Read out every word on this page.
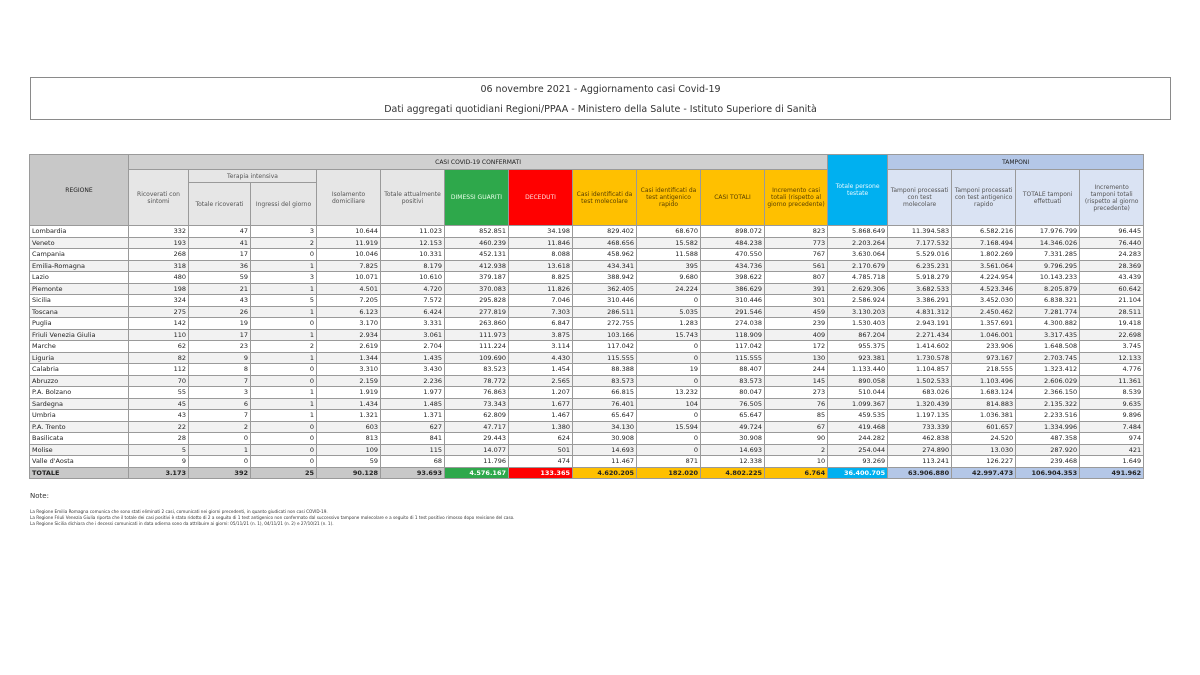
06 novembre 2021 - Aggiornamento casi Covid-19
Dati aggregati quotidiani Regioni/PPAA - Ministero della Salute - Istituto Superiore di Sanità
REGIONE	CASI COVID-19 CONFERMATI											Totale persone testate	TAMPONI			
	Ricoverati con sintomi	Terapia intensiva		Isolamento domiciliare	Totale attualmente positivi	DIMESSI GUARITI	DECEDUTI	Casi identificati da test molecolare	Casi identificati da test antigenico rapido	CASI TOTALI	Incremento casi totali (rispetto al giorno precedente)		Tamponi processati con test molecolare	Tamponi processati con test antigenico rapido	TOTALE tamponi effettuati	Incremento tamponi totali (rispetto al giorno precedente)
		Totale ricoverati	Ingressi del giorno													
Lombardia	332	47	3	10.644	11.023	852.851	34.198	829.402	68.670	898.072	823	5.868.649	11.394.583	6.582.216	17.976.799	96.445
Veneto	193	41	2	11.919	12.153	460.239	11.846	468.656	15.582	484.238	773	2.203.264	7.177.532	7.168.494	14.346.026	76.440
Campania	268	17	0	10.046	10.331	452.131	8.088	458.962	11.588	470.550	767	3.630.064	5.529.016	1.802.269	7.331.285	24.283
Emilia-Romagna	318	36	1	7.825	8.179	412.938	13.618	434.341	395	434.736	561	2.170.679	6.235.231	3.561.064	9.796.295	28.369
Lazio	480	59	3	10.071	10.610	379.187	8.825	388.942	9.680	398.622	807	4.785.718	5.918.279	4.224.954	10.143.233	43.439
Piemonte	198	21	1	4.501	4.720	370.083	11.826	362.405	24.224	386.629	391	2.629.306	3.682.533	4.523.346	8.205.879	60.642
Sicilia	324	43	5	7.205	7.572	295.828	7.046	310.446	0	310.446	301	2.586.924	3.386.291	3.452.030	6.838.321	21.104
Toscana	275	26	1	6.123	6.424	277.819	7.303	286.511	5.035	291.546	459	3.130.203	4.831.312	2.450.462	7.281.774	28.511
Puglia	142	19	0	3.170	3.331	263.860	6.847	272.755	1.283	274.038	239	1.530.403	2.943.191	1.357.691	4.300.882	19.418
Friuli Venezia Giulia	110	17	1	2.934	3.061	111.973	3.875	103.166	15.743	118.909	409	867.204	2.271.434	1.046.001	3.317.435	22.698
Marche	62	23	2	2.619	2.704	111.224	3.114	117.042	0	117.042	172	955.375	1.414.602	233.906	1.648.508	3.745
Liguria	82	9	1	1.344	1.435	109.690	4.430	115.555	0	115.555	130	923.381	1.730.578	973.167	2.703.745	12.133
Calabria	112	8	0	3.310	3.430	83.523	1.454	88.388	19	88.407	244	1.133.440	1.104.857	218.555	1.323.412	4.776
Abruzzo	70	7	0	2.159	2.236	78.772	2.565	83.573	0	83.573	145	890.058	1.502.533	1.103.496	2.606.029	11.361
P.A. Bolzano	55	3	1	1.919	1.977	76.863	1.207	66.815	13.232	80.047	273	510.044	683.026	1.683.124	2.366.150	8.539
Sardegna	45	6	1	1.434	1.485	73.343	1.677	76.401	104	76.505	76	1.099.367	1.320.439	814.883	2.135.322	9.635
Umbria	43	7	1	1.321	1.371	62.809	1.467	65.647	0	65.647	85	459.535	1.197.135	1.036.381	2.233.516	9.896
P.A. Trento	22	2	0	603	627	47.717	1.380	34.130	15.594	49.724	67	419.468	733.339	601.657	1.334.996	7.484
Basilicata	28	0	0	813	841	29.443	624	30.908	0	30.908	90	244.282	462.838	24.520	487.358	974
Molise	5	1	0	109	115	14.077	501	14.693	0	14.693	2	254.044	274.890	13.030	287.920	421
Valle d'Aosta	9	0	0	59	68	11.796	474	11.467	871	12.338	10	93.269	113.241	126.227	239.468	1.649
TOTALE	3.173	392	25	90.128	93.693	4.576.167	133.365	4.620.205	182.020	4.802.225	6.764	36.400.705	63.906.880	42.997.473	106.904.353	491.962
Note:
La Regione Emilia Romagna comunica che sono stati eliminati 2 casi, comunicati nei giorni precedenti, in quanto giudicati non casi COVID-19.
La Regione Friuli Venezia Giulia riporta che il totale dei casi positivi è stato ridotto di 2 a seguito di 1 test antigenico non confermato dal successivo tampone molecolare e a seguito di 1 test positivo rimosso dopo revisione del caso.
La Regione Sicilia dichiara che i decessi comunicati in data odierna sono da attribuire ai giorni: 05/11/21 (n. 1), 04/11/21 (n. 2) e 27/10/21 (n. 1).
